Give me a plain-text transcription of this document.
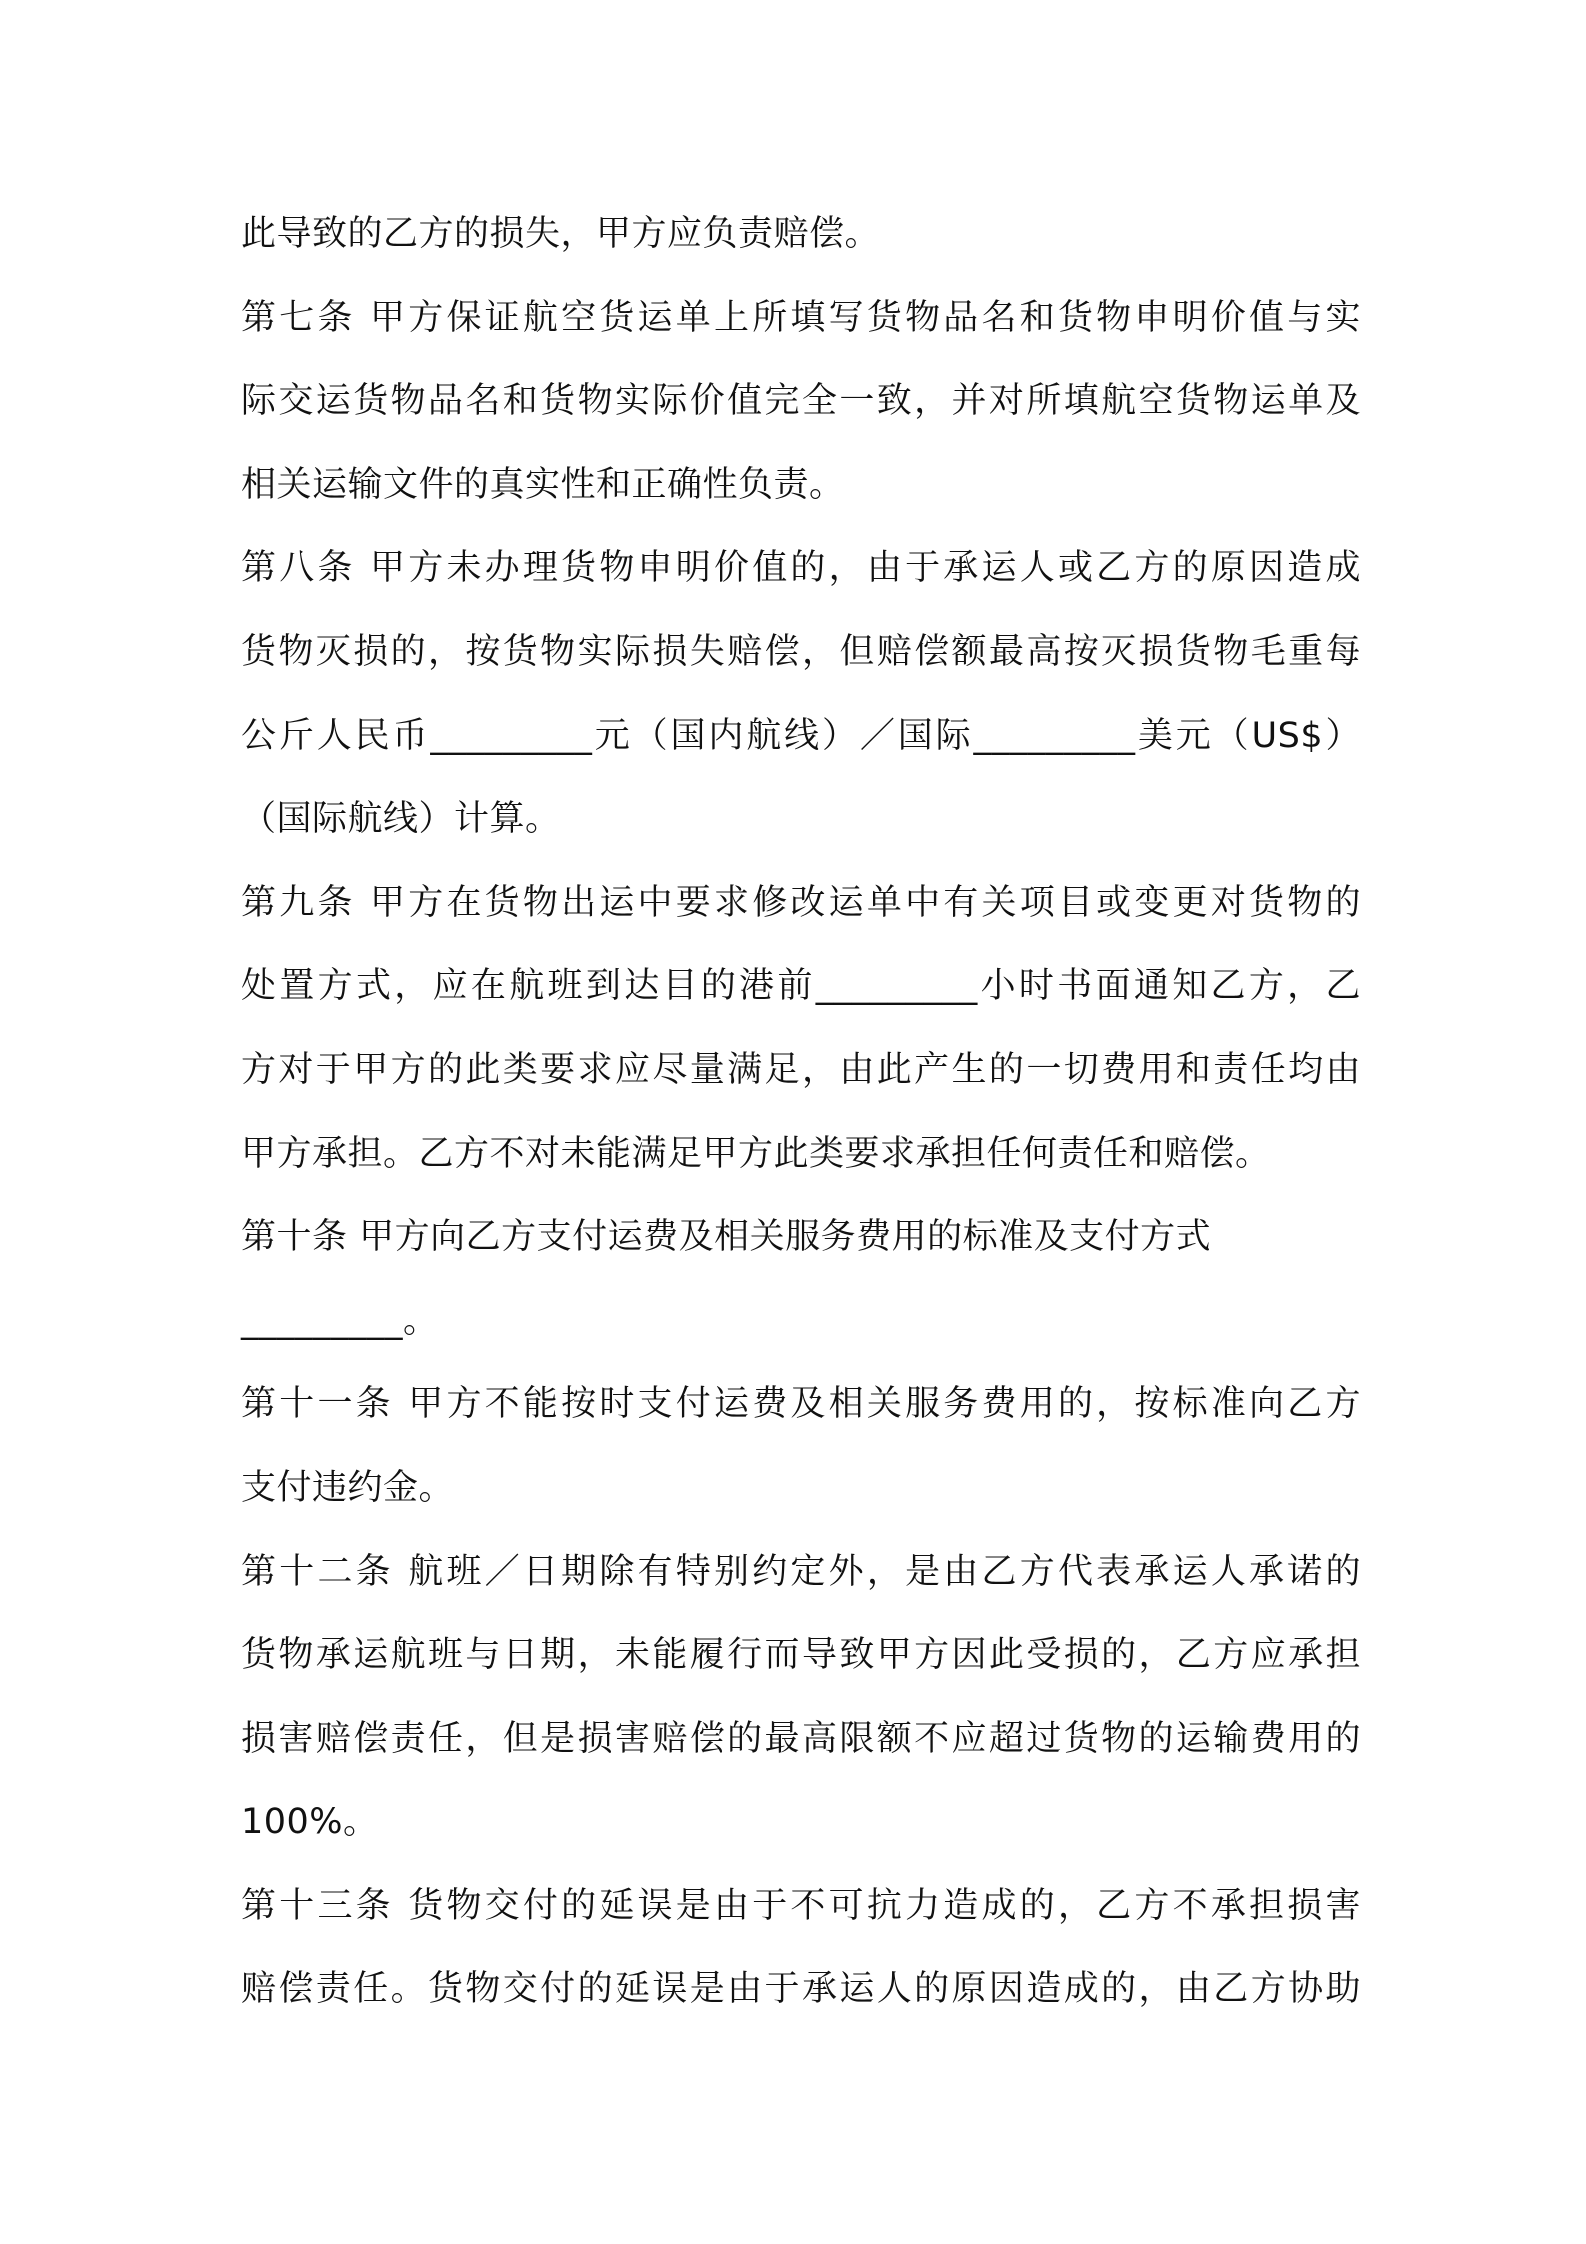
此导致的乙方的损失，甲方应负责赔偿。
第七条 甲方保证航空货运单上所填写货物品名和货物申明价值与实
际交运货物品名和货物实际价值完全一致，并对所填航空货物运单及
相关运输文件的真实性和正确性负责。
第八条 甲方未办理货物申明价值的，由于承运人或乙方的原因造成
货物灭损的，按货物实际损失赔偿，但赔偿额最高按灭损货物毛重每
公斤人民币_________元（国内航线）／国际_________美元（US$）
（国际航线）计算。
第九条 甲方在货物出运中要求修改运单中有关项目或变更对货物的
处置方式，应在航班到达目的港前_________小时书面通知乙方，乙
方对于甲方的此类要求应尽量满足，由此产生的一切费用和责任均由
甲方承担。乙方不对未能满足甲方此类要求承担任何责任和赔偿。
第十条 甲方向乙方支付运费及相关服务费用的标准及支付方式
_________。
第十一条 甲方不能按时支付运费及相关服务费用的，按标准向乙方
支付违约金。
第十二条 航班／日期除有特别约定外，是由乙方代表承运人承诺的
货物承运航班与日期，未能履行而导致甲方因此受损的，乙方应承担
损害赔偿责任，但是损害赔偿的最高限额不应超过货物的运输费用的
100%。
第十三条 货物交付的延误是由于不可抗力造成的，乙方不承担损害
赔偿责任。货物交付的延误是由于承运人的原因造成的，由乙方协助
